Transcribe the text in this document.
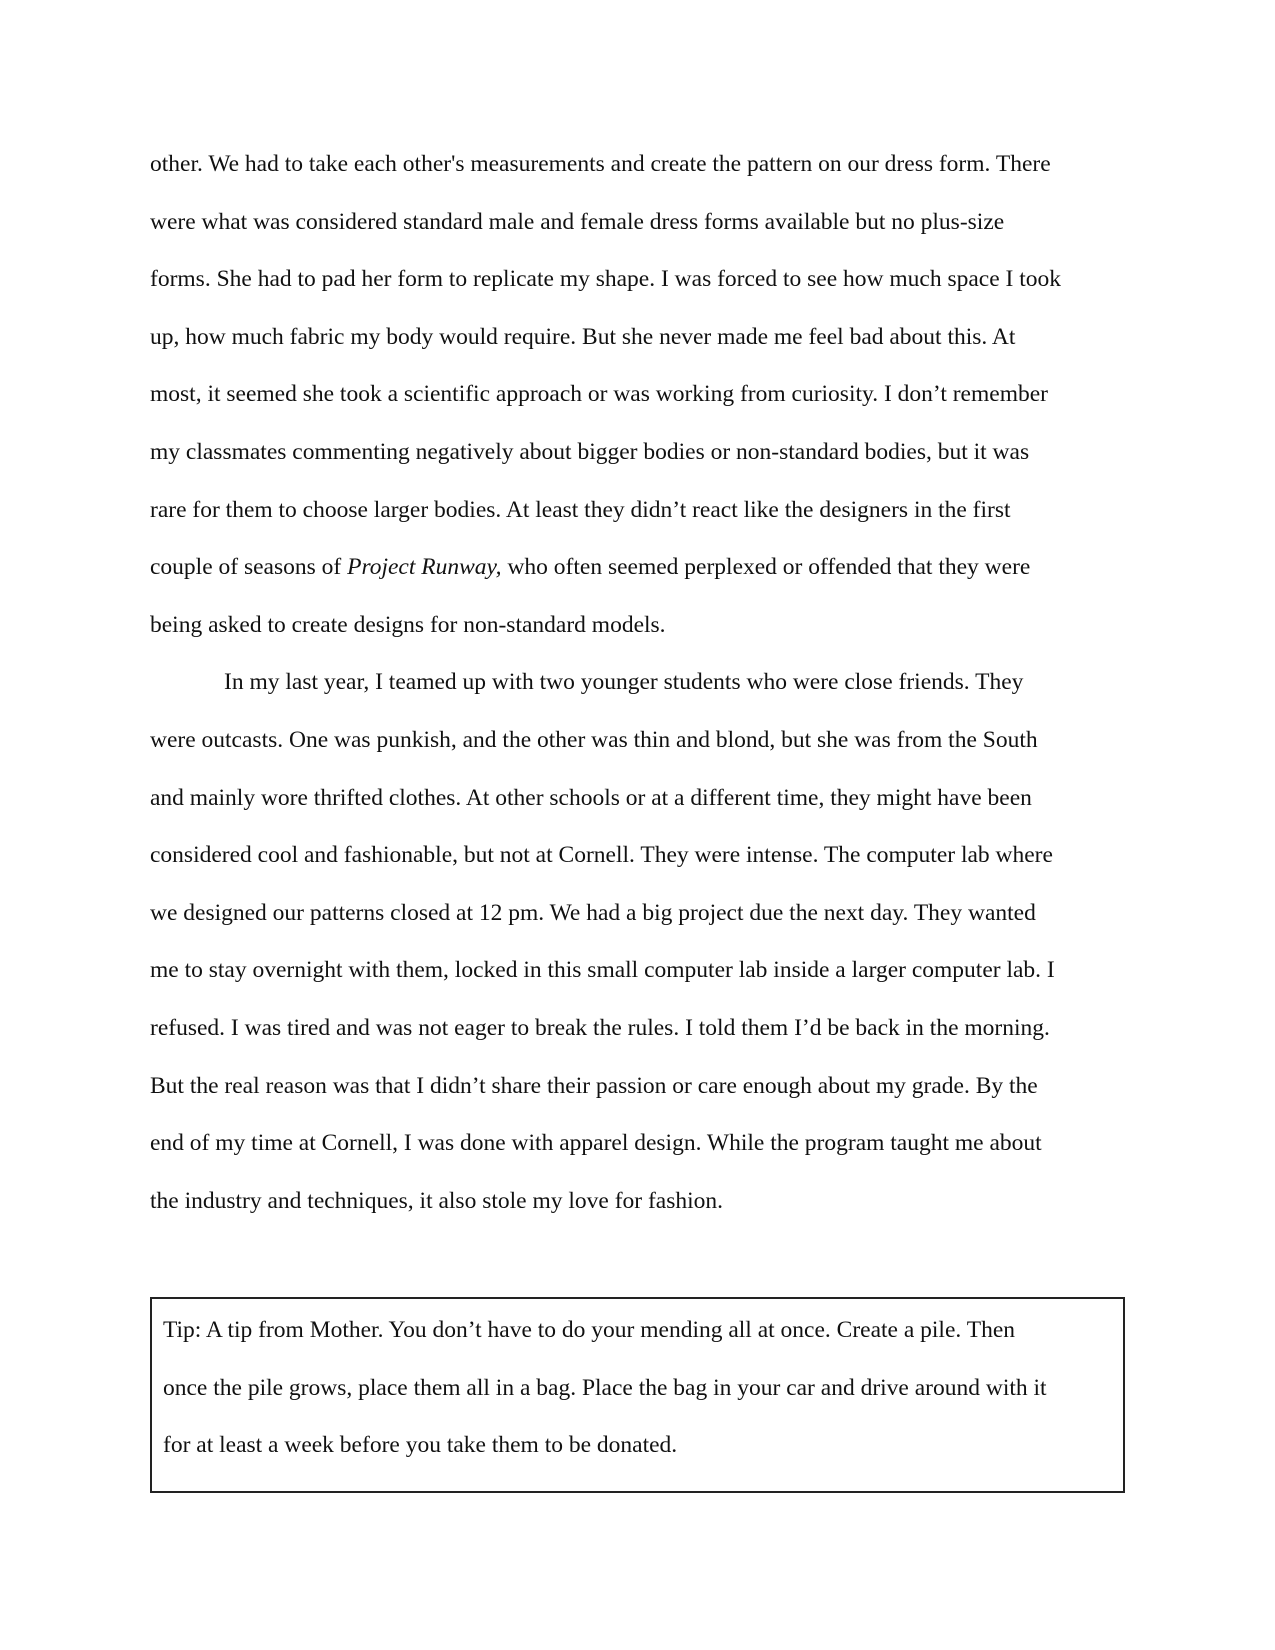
other. We had to take each other's measurements and create the pattern on our dress form. There
were what was considered standard male and female dress forms available but no plus-size
forms. She had to pad her form to replicate my shape. I was forced to see how much space I took
up, how much fabric my body would require. But she never made me feel bad about this. At
most, it seemed she took a scientific approach or was working from curiosity. I don’t remember
my classmates commenting negatively about bigger bodies or non-standard bodies, but it was
rare for them to choose larger bodies. At least they didn’t react like the designers in the first
couple of seasons of Project Runway, who often seemed perplexed or offended that they were
being asked to create designs for non-standard models.
In my last year, I teamed up with two younger students who were close friends. They
were outcasts. One was punkish, and the other was thin and blond, but she was from the South
and mainly wore thrifted clothes. At other schools or at a different time, they might have been
considered cool and fashionable, but not at Cornell. They were intense. The computer lab where
we designed our patterns closed at 12 pm. We had a big project due the next day. They wanted
me to stay overnight with them, locked in this small computer lab inside a larger computer lab. I
refused. I was tired and was not eager to break the rules. I told them I’d be back in the morning.
But the real reason was that I didn’t share their passion or care enough about my grade. By the
end of my time at Cornell, I was done with apparel design. While the program taught me about
the industry and techniques, it also stole my love for fashion.
Tip: A tip from Mother. You don’t have to do your mending all at once. Create a pile. Then
once the pile grows, place them all in a bag. Place the bag in your car and drive around with it
for at least a week before you take them to be donated.
